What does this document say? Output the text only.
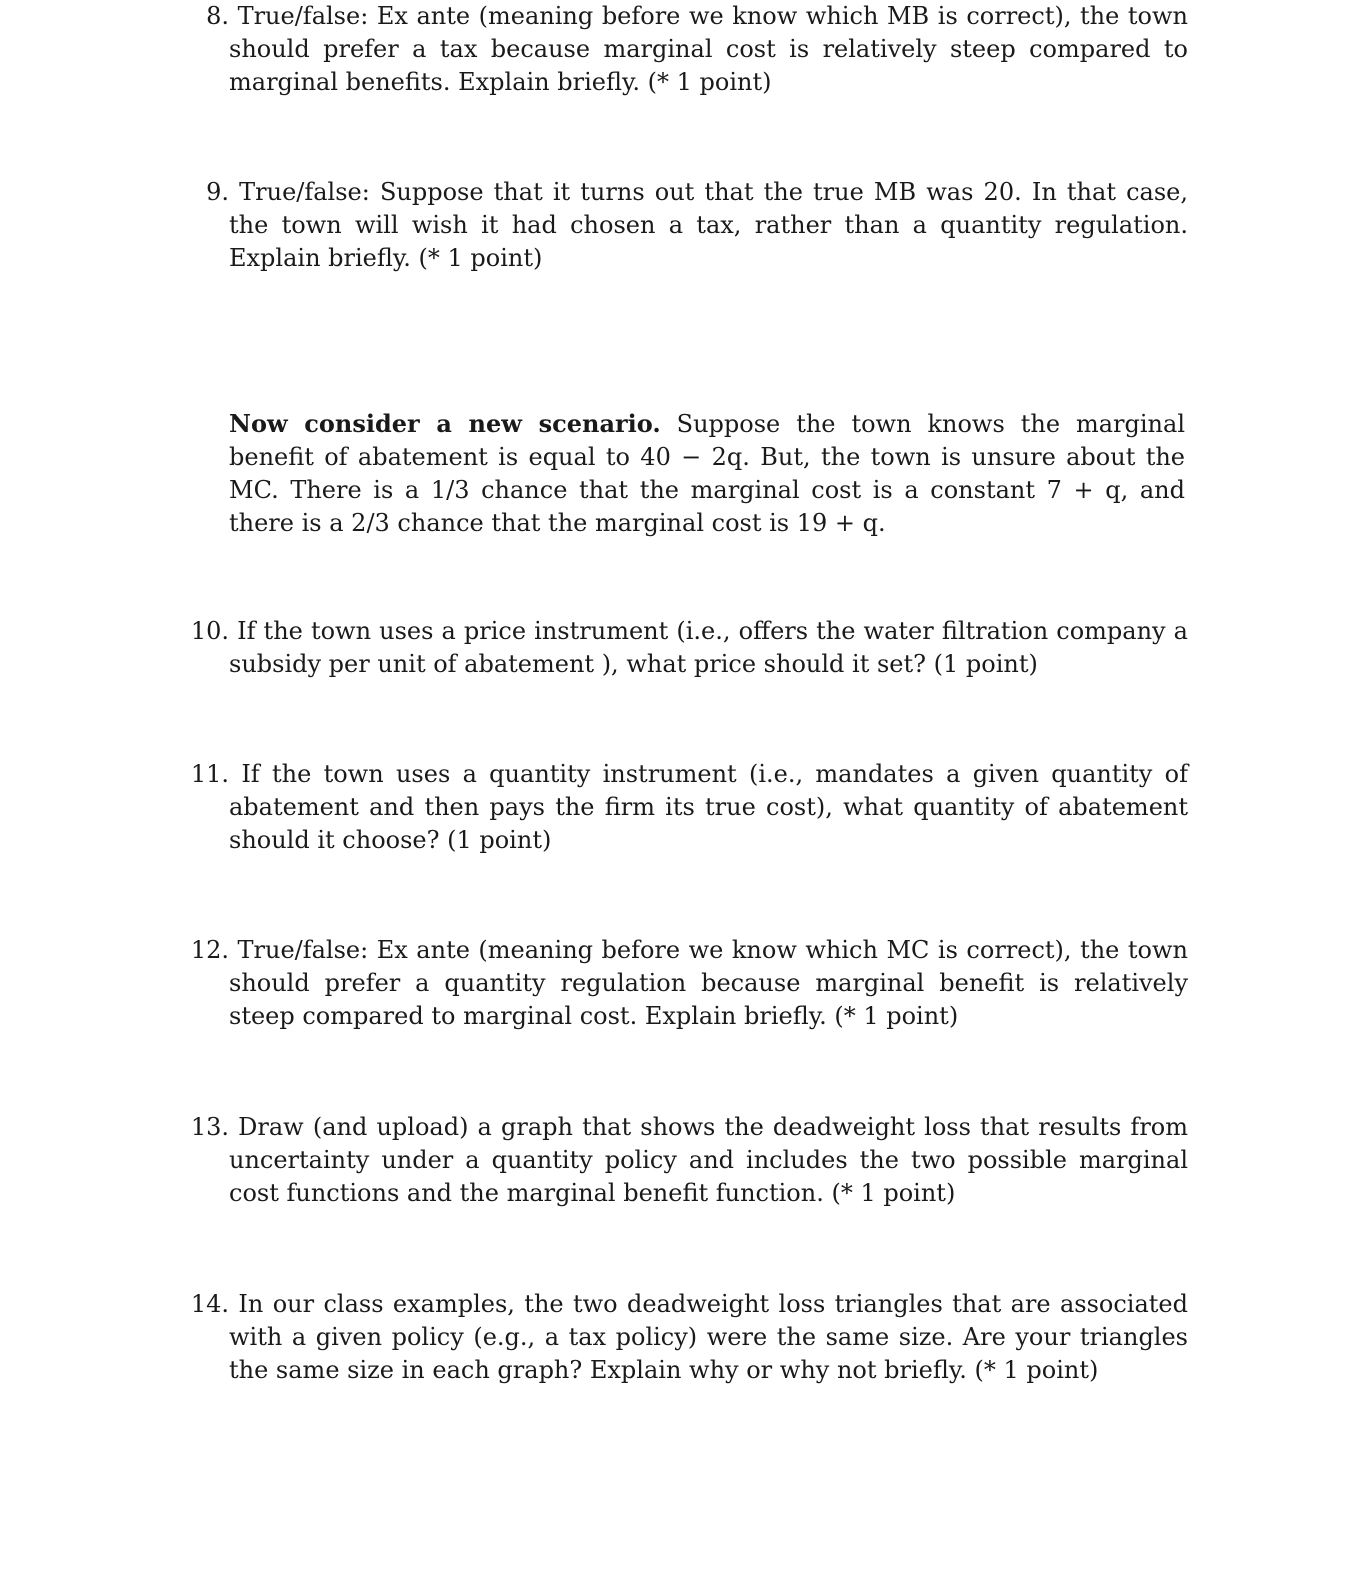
8. True/false: Ex ante (meaning before we know which MB is correct), the town should prefer a tax because marginal cost is relatively steep compared to marginal benefits. Explain briefly. (* 1 point)
9. True/false: Suppose that it turns out that the true MB was 20. In that case, the town will wish it had chosen a tax, rather than a quantity regulation. Explain briefly. (* 1 point)
Now consider a new scenario. Suppose the town knows the marginal benefit of abatement is equal to 40 − 2q. But, the town is unsure about the MC. There is a 1/3 chance that the marginal cost is a constant 7 + q, and there is a 2/3 chance that the marginal cost is 19 + q.
10. If the town uses a price instrument (i.e., offers the water filtration company a subsidy per unit of abatement ), what price should it set? (1 point)
11. If the town uses a quantity instrument (i.e., mandates a given quantity of abatement and then pays the firm its true cost), what quantity of abatement should it choose? (1 point)
12. True/false: Ex ante (meaning before we know which MC is correct), the town should prefer a quantity regulation because marginal benefit is relatively steep compared to marginal cost. Explain briefly. (* 1 point)
13. Draw (and upload) a graph that shows the deadweight loss that results from uncertainty under a quantity policy and includes the two possible marginal cost functions and the marginal benefit function. (* 1 point)
14. In our class examples, the two deadweight loss triangles that are associated with a given policy (e.g., a tax policy) were the same size. Are your triangles the same size in each graph? Explain why or why not briefly. (* 1 point)
